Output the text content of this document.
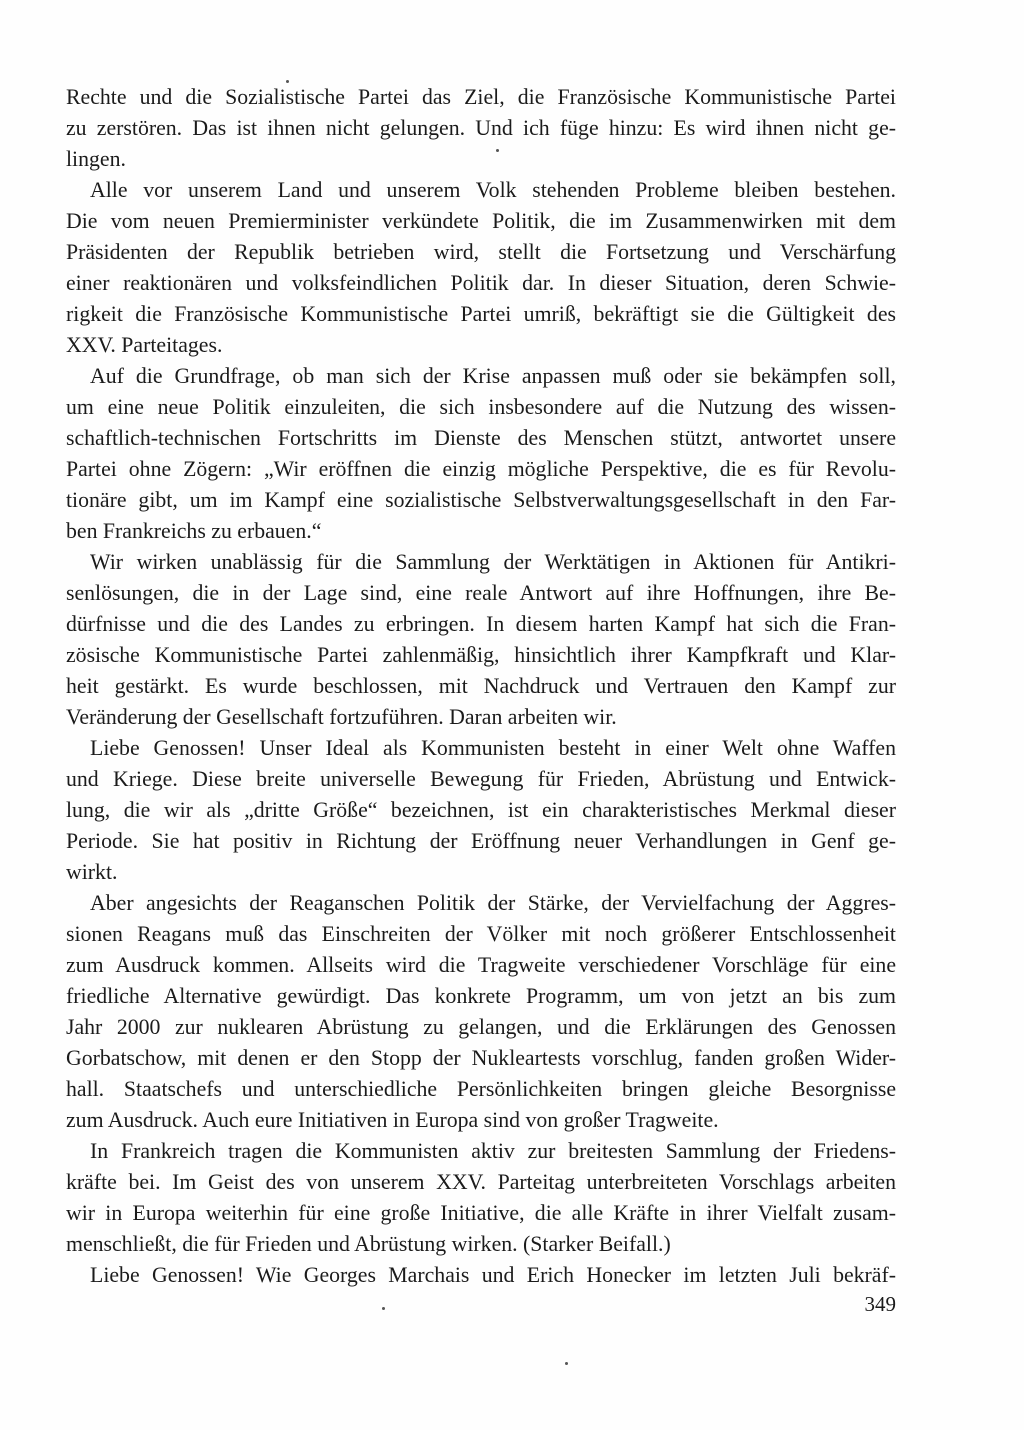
Rechte und die Sozialistische Partei das Ziel, die Französische Kommunistische Partei
zu zerstören. Das ist ihnen nicht gelungen. Und ich füge hinzu: Es wird ihnen nicht ge-
lingen.
Alle vor unserem Land und unserem Volk stehenden Probleme bleiben bestehen.
Die vom neuen Premierminister verkündete Politik, die im Zusammenwirken mit dem
Präsidenten der Republik betrieben wird, stellt die Fortsetzung und Verschärfung
einer reaktionären und volksfeindlichen Politik dar. In dieser Situation, deren Schwie-
rigkeit die Französische Kommunistische Partei umriß, bekräftigt sie die Gültigkeit des
XXV. Parteitages.
Auf die Grundfrage, ob man sich der Krise anpassen muß oder sie bekämpfen soll,
um eine neue Politik einzuleiten, die sich insbesondere auf die Nutzung des wissen-
schaftlich-technischen Fortschritts im Dienste des Menschen stützt, antwortet unsere
Partei ohne Zögern: „Wir eröffnen die einzig mögliche Perspektive, die es für Revolu-
tionäre gibt, um im Kampf eine sozialistische Selbstverwaltungsgesellschaft in den Far-
ben Frankreichs zu erbauen.“
Wir wirken unablässig für die Sammlung der Werktätigen in Aktionen für Antikri-
senlösungen, die in der Lage sind, eine reale Antwort auf ihre Hoffnungen, ihre Be-
dürfnisse und die des Landes zu erbringen. In diesem harten Kampf hat sich die Fran-
zösische Kommunistische Partei zahlenmäßig, hinsichtlich ihrer Kampfkraft und Klar-
heit gestärkt. Es wurde beschlossen, mit Nachdruck und Vertrauen den Kampf zur
Veränderung der Gesellschaft fortzuführen. Daran arbeiten wir.
Liebe Genossen! Unser Ideal als Kommunisten besteht in einer Welt ohne Waffen
und Kriege. Diese breite universelle Bewegung für Frieden, Abrüstung und Entwick-
lung, die wir als „dritte Größe“ bezeichnen, ist ein charakteristisches Merkmal dieser
Periode. Sie hat positiv in Richtung der Eröffnung neuer Verhandlungen in Genf ge-
wirkt.
Aber angesichts der Reaganschen Politik der Stärke, der Vervielfachung der Aggres-
sionen Reagans muß das Einschreiten der Völker mit noch größerer Entschlossenheit
zum Ausdruck kommen. Allseits wird die Tragweite verschiedener Vorschläge für eine
friedliche Alternative gewürdigt. Das konkrete Programm, um von jetzt an bis zum
Jahr 2000 zur nuklearen Abrüstung zu gelangen, und die Erklärungen des Genossen
Gorbatschow, mit denen er den Stopp der Nukleartests vorschlug, fanden großen Wider-
hall. Staatschefs und unterschiedliche Persönlichkeiten bringen gleiche Besorgnisse
zum Ausdruck. Auch eure Initiativen in Europa sind von großer Tragweite.
In Frankreich tragen die Kommunisten aktiv zur breitesten Sammlung der Friedens-
kräfte bei. Im Geist des von unserem XXV. Parteitag unterbreiteten Vorschlags arbeiten
wir in Europa weiterhin für eine große Initiative, die alle Kräfte in ihrer Vielfalt zusam-
menschließt, die für Frieden und Abrüstung wirken. (Starker Beifall.)
Liebe Genossen! Wie Georges Marchais und Erich Honecker im letzten Juli bekräf-
349
